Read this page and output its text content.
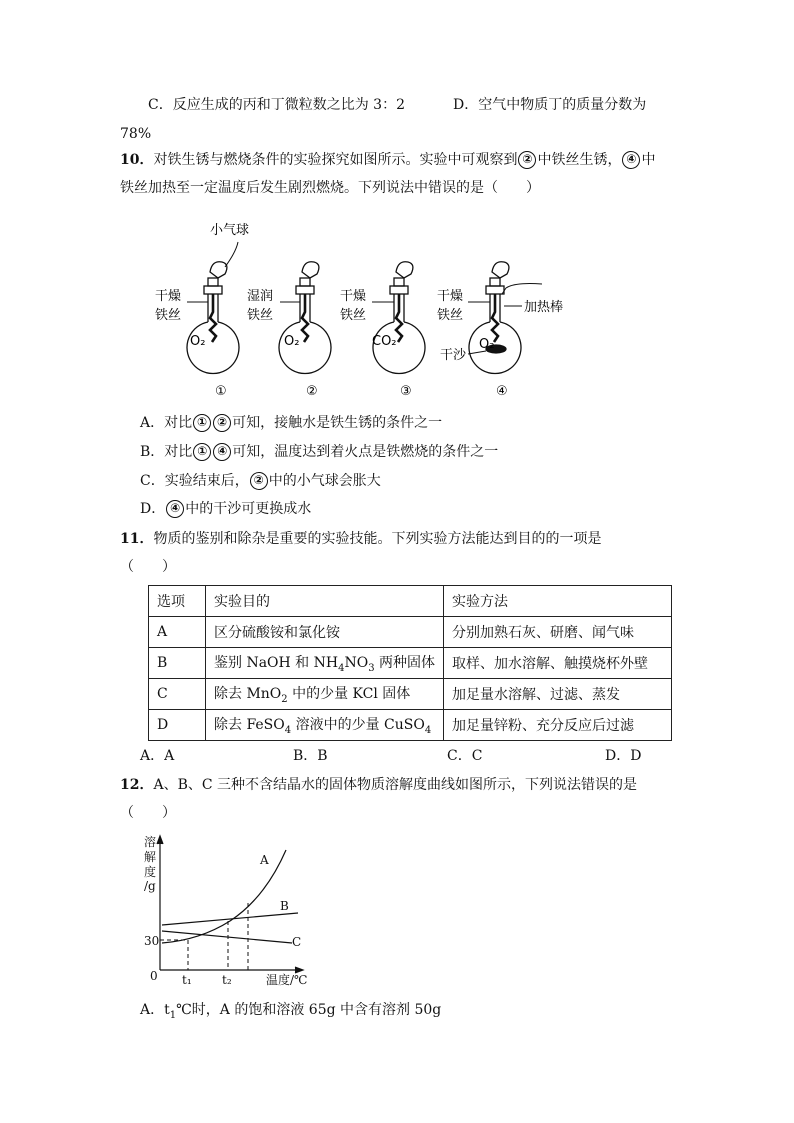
C．反应生成的丙和丁微粒数之比为 3：2	D．空气中物质丁的质量分数为
78%
10．对铁生锈与燃烧条件的实验探究如图所示。实验中可观察到 ② 中铁丝生锈， ④ 中
铁丝加热至一定温度后发生剧烈燃烧。下列说法中错误的是（　　）
小气球
干燥
铁丝
O₂
①
湿润
铁丝
O₂
②
干燥
铁丝
CO₂
③
干燥
铁丝
O₂
④
加热棒
干沙
A．对比 ① ② 可知，接触水是铁生锈的条件之一
B．对比 ① ④ 可知，温度达到着火点是铁燃烧的条件之一
C．实验结束后， ② 中的小气球会胀大
D． ④ 中的干沙可更换成水
11．物质的鉴别和除杂是重要的实验技能。下列实验方法能达到目的的一项是
（　　）
选项	实验目的	实验方法
A	区分硫酸铵和氯化铵	分别加熟石灰、研磨、闻气味
B	鉴别 NaOH 和 $NH_4NO_3$ 两种固体	取样、加水溶解、触摸烧杯外壁
C	除去 MnO$_2$ 中的少量 KCl 固体	加足量水溶解、过滤、蒸发
D	除去 FeSO$_4$ 溶液中的少量 CuSO$_4$	加足量锌粉、充分反应后过滤
A．A	B．B	C．C	D．D
12．A、B、C 三种不含结晶水的固体物质溶解度曲线如图所示，下列说法错误的是
（　　）
溶
解
度
/g
30
0 t₁	t₂	温度/℃
A
B
C
A．$t_1℃$时，A 的饱和溶液 65g 中含有溶剂 50g
